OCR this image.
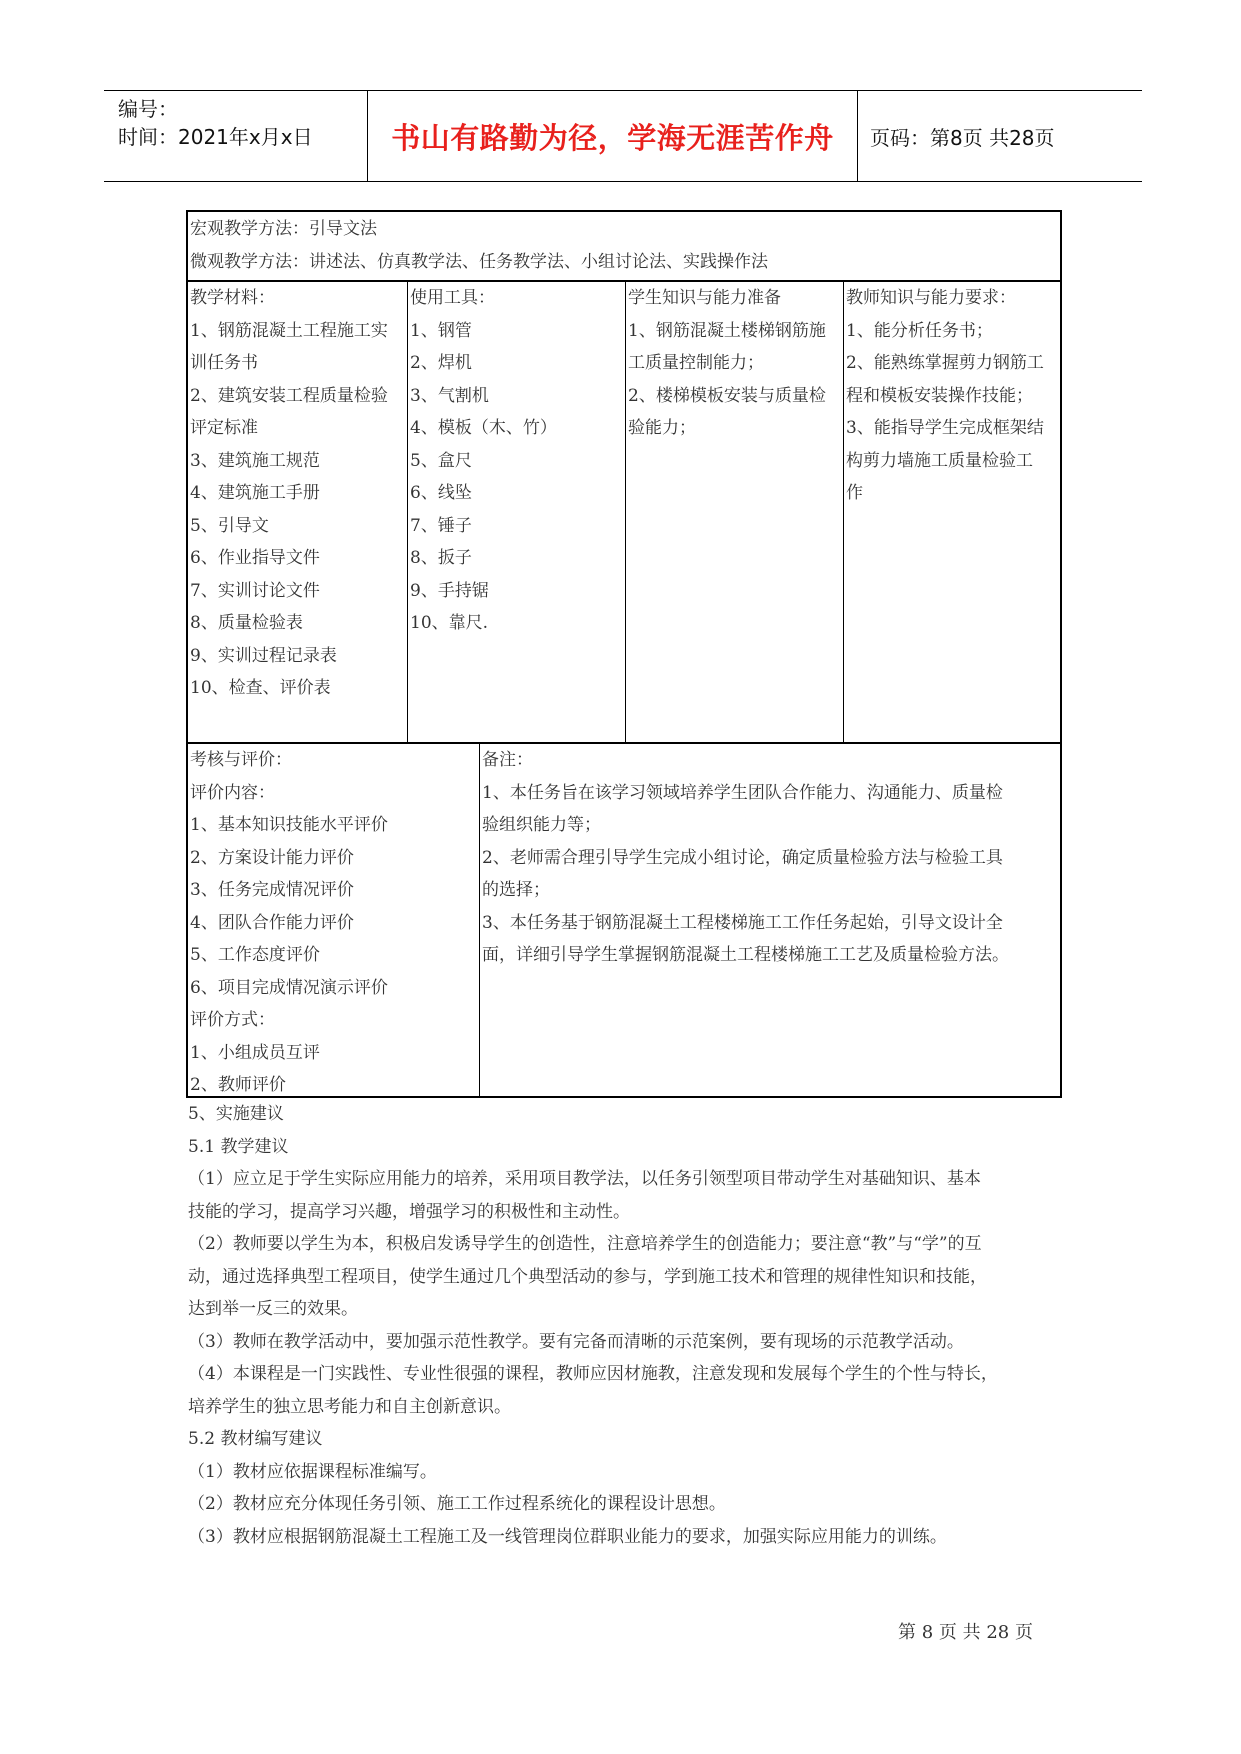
编号：
时间：2021年x月x日	书山有路勤为径，学海无涯苦作舟 页码：第8页 共28页
宏观教学方法：引导文法
微观教学方法：讲述法、仿真教学法、任务教学法、小组讨论法、实践操作法
教学材料：
1、钢筋混凝土工程施工实
训任务书
2、建筑安装工程质量检验
评定标准
3、建筑施工规范
4、建筑施工手册
5、引导文
6、作业指导文件
7、实训讨论文件
8、质量检验表
9、实训过程记录表
10、检查、评价表
使用工具：
1、钢管
2、焊机
3、气割机
4、模板（木、竹）
5、盒尺
6、线坠
7、锤子
8、扳子
9、手持锯
10、靠尺.
学生知识与能力准备
1、钢筋混凝土楼梯钢筋施
工质量控制能力；
2、楼梯模板安装与质量检
验能力；
教师知识与能力要求：
1、能分析任务书；
2、能熟练掌握剪力钢筋工
程和模板安装操作技能；
3、能指导学生完成框架结
构剪力墙施工质量检验工
作
考核与评价：
评价内容：
1、基本知识技能水平评价
2、方案设计能力评价
3、任务完成情况评价
4、团队合作能力评价
5、工作态度评价
6、项目完成情况演示评价
评价方式：
1、小组成员互评
2、教师评价
备注：
1、本任务旨在该学习领域培养学生团队合作能力、沟通能力、质量检
验组织能力等；
2、老师需合理引导学生完成小组讨论，确定质量检验方法与检验工具
的选择；
3、本任务基于钢筋混凝土工程楼梯施工工作任务起始，引导文设计全
面，详细引导学生掌握钢筋混凝土工程楼梯施工工艺及质量检验方法。
5、实施建议
5.1 教学建议
（1）应立足于学生实际应用能力的培养，采用项目教学法，以任务引领型项目带动学生对基础知识、基本
技能的学习，提高学习兴趣，增强学习的积极性和主动性。
（2）教师要以学生为本，积极启发诱导学生的创造性，注意培养学生的创造能力；要注意“教”与“学”的互
动，通过选择典型工程项目，使学生通过几个典型活动的参与，学到施工技术和管理的规律性知识和技能，
达到举一反三的效果。
（3）教师在教学活动中，要加强示范性教学。要有完备而清晰的示范案例，要有现场的示范教学活动。
（4）本课程是一门实践性、专业性很强的课程，教师应因材施教，注意发现和发展每个学生的个性与特长，
培养学生的独立思考能力和自主创新意识。
5.2 教材编写建议
（1）教材应依据课程标准编写。
（2）教材应充分体现任务引领、施工工作过程系统化的课程设计思想。
（3）教材应根据钢筋混凝土工程施工及一线管理岗位群职业能力的要求，加强实际应用能力的训练。
第 8 页 共 28 页
